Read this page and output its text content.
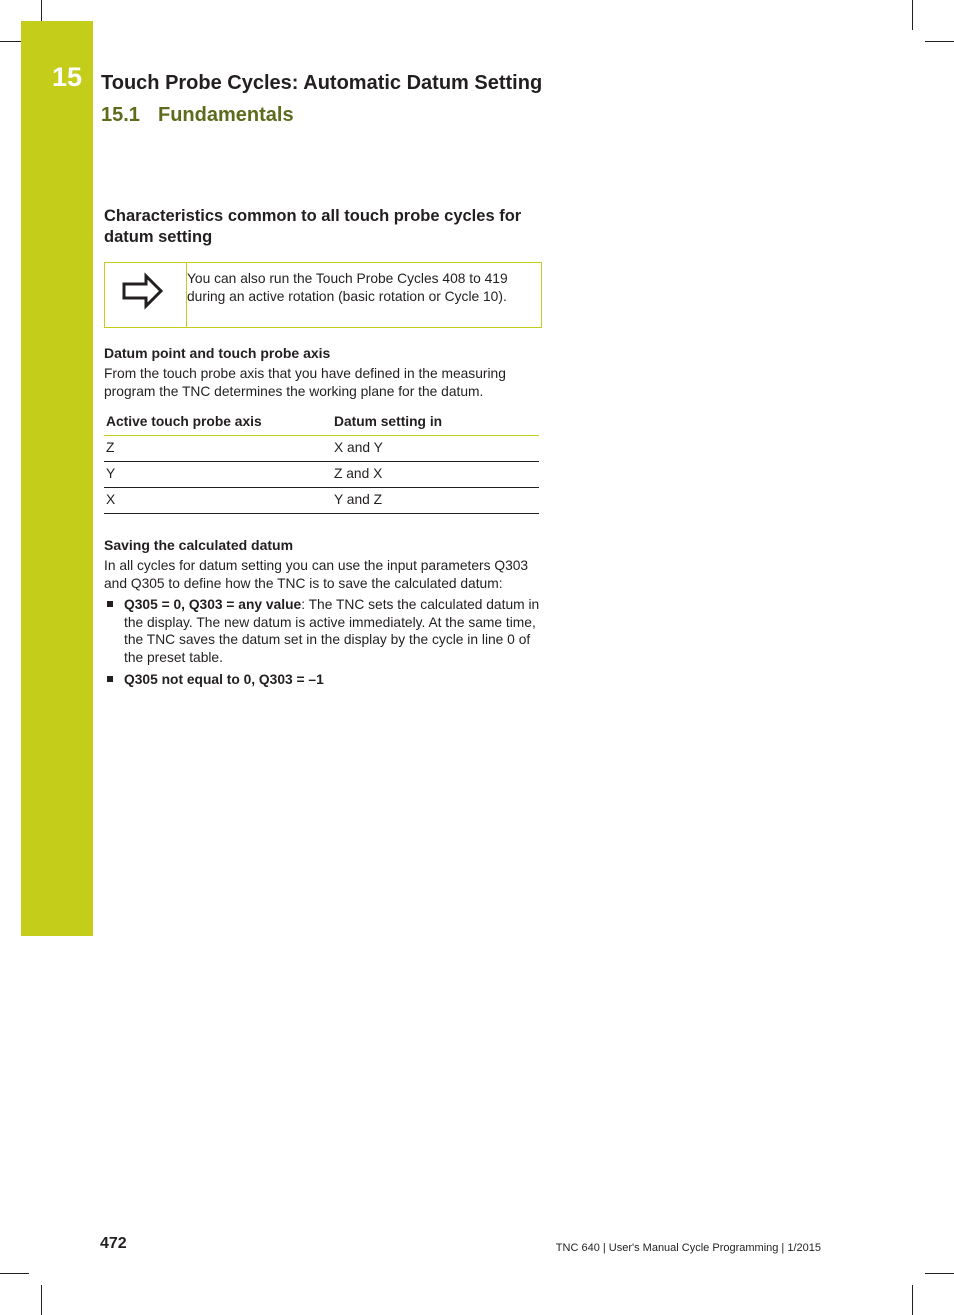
15 Touch Probe Cycles: Automatic Datum Setting
15.1 Fundamentals
Characteristics common to all touch probe cycles for datum setting
You can also run the Touch Probe Cycles 408 to 419 during an active rotation (basic rotation or Cycle 10).
Datum point and touch probe axis

From the touch probe axis that you have defined in the measuring program the TNC determines the working plane for the datum.

Active touch probe axis	Datum setting in
Z	X and Y
Y	Z and X
X	Y and Z
Saving the calculated datum

In all cycles for datum setting you can use the input parameters Q303 and Q305 to define how the TNC is to save the calculated datum:

Q305 = 0, Q303 = any value: The TNC sets the calculated datum in the display. The new datum is active immediately. At the same time, the TNC saves the datum set in the display by the cycle in line 0 of the preset table.
Q305 not equal to 0, Q303 = –1
472	TNC 640 | User's Manual Cycle Programming | 1/2015
